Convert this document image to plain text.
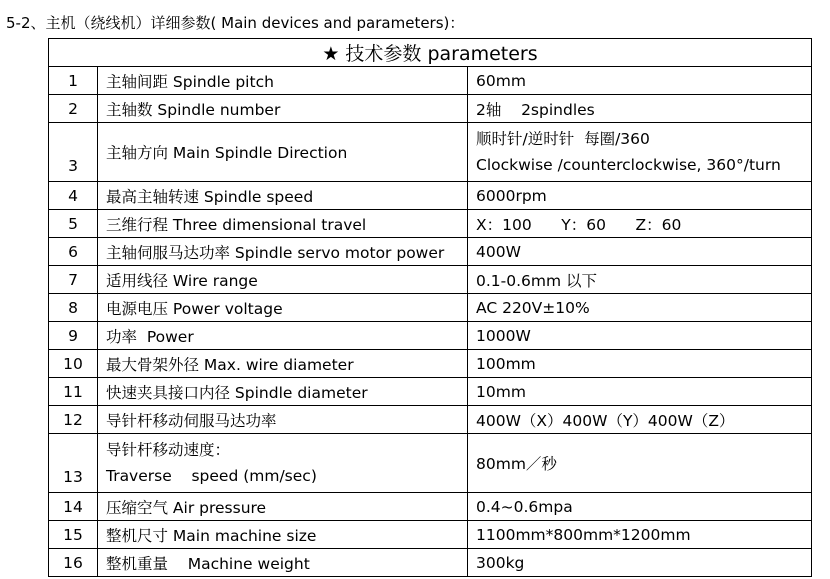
5-2、主机（绕线机）详细参数( Main devices and parameters)：
★ 技术参数 parameters		
1	主轴间距 Spindle pitch	60mm
2	主轴数 Spindle number	2轴    2spindles
3	主轴方向 Main Spindle Direction	顺时针/逆时针  每圈/360
Clockwise /counterclockwise, 360°/turn

4	最高主轴转速 Spindle speed	6000rpm
5	三维行程 Three dimensional travel	X：100      Y：60      Z：60
6	主轴伺服马达功率 Spindle servo motor power	400W
7	适用线径 Wire range	0.1-0.6mm 以下
8	电源电压 Power voltage	AC 220V±10%
9	功率  Power	1000W
10	最大骨架外径 Max. wire diameter	100mm
11	快速夹具接口内径 Spindle diameter	10mm
12	导针杆移动伺服马达功率	400W（X）400W（Y）400W（Z）
13	导针杆移动速度：
Traverse    speed (mm/sec)	80mm／秒
14	压缩空气 Air pressure	0.4~0.6mpa
15	整机尺寸 Main machine size	1100mm*800mm*1200mm
16	整机重量    Machine weight	300kg
